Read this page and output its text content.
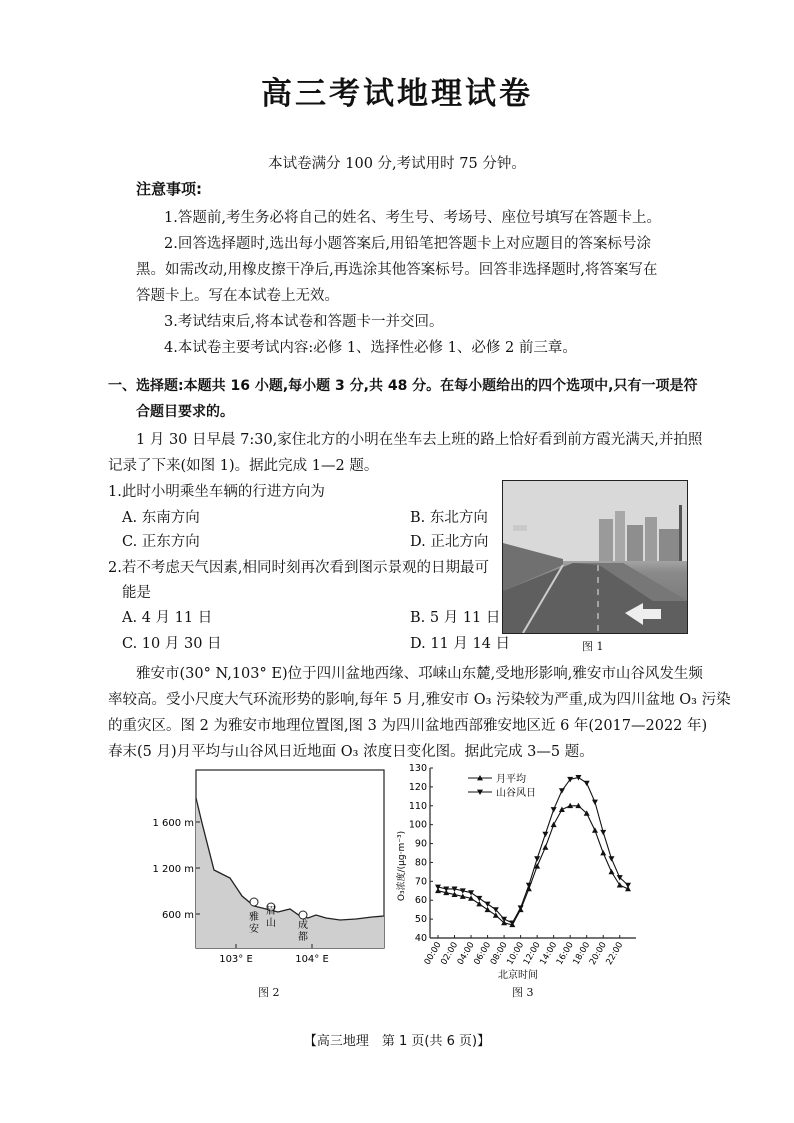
高三考试地理试卷
本试卷满分 100 分,考试用时 75 分钟。
注意事项:
1.答题前,考生务必将自己的姓名、考生号、考场号、座位号填写在答题卡上。
2.回答选择题时,选出每小题答案后,用铅笔把答题卡上对应题目的答案标号涂
黑。如需改动,用橡皮擦干净后,再选涂其他答案标号。回答非选择题时,将答案写在
答题卡上。写在本试卷上无效。
3.考试结束后,将本试卷和答题卡一并交回。
4.本试卷主要考试内容:必修 1、选择性必修 1、必修 2 前三章。
一、选择题:本题共 16 小题,每小题 3 分,共 48 分。在每小题给出的四个选项中,只有一项是符
合题目要求的。
1 月 30 日早晨 7:30,家住北方的小明在坐车去上班的路上恰好看到前方霞光满天,并拍照
记录了下来(如图 1)。据此完成 1—2 题。
1.此时小明乘坐车辆的行进方向为
A. 东南方向	B. 东北方向
C. 正东方向	D. 正北方向
2.若不考虑天气因素,相同时刻再次看到图示景观的日期最可
能是
A. 4 月 11 日	B. 5 月 11 日
C. 10 月 30 日	D. 11 月 14 日	图 1
雅安市(30° N,103° E)位于四川盆地西缘、邛崃山东麓,受地形影响,雅安市山谷风发生频
率较高。受小尺度大气环流形势的影响,每年 5 月,雅安市 O₃ 污染较为严重,成为四川盆地 O₃ 污染
的重灾区。图 2 为雅安市地理位置图,图 3 为四川盆地西部雅安地区近 6 年(2017—2022 年)
春末(5 月)月平均与山谷风日近地面 O₃ 浓度日变化图。据此完成 3—5 题。
1 600 m
1 200 m
600 m
103° E	104° E
雅
安
眉
山 成
都
图 2
40
50
60
70
80
90
100
110
120
130
00:00
02:00
04:00
06:00
08:00
10:00
12:00
14:00
16:00
18:00
20:00
22:00
月平均
山谷风日
北京时间
O₃浓度/(μg·m⁻³)
图 3
【高三地理　第 1 页(共 6 页)】
